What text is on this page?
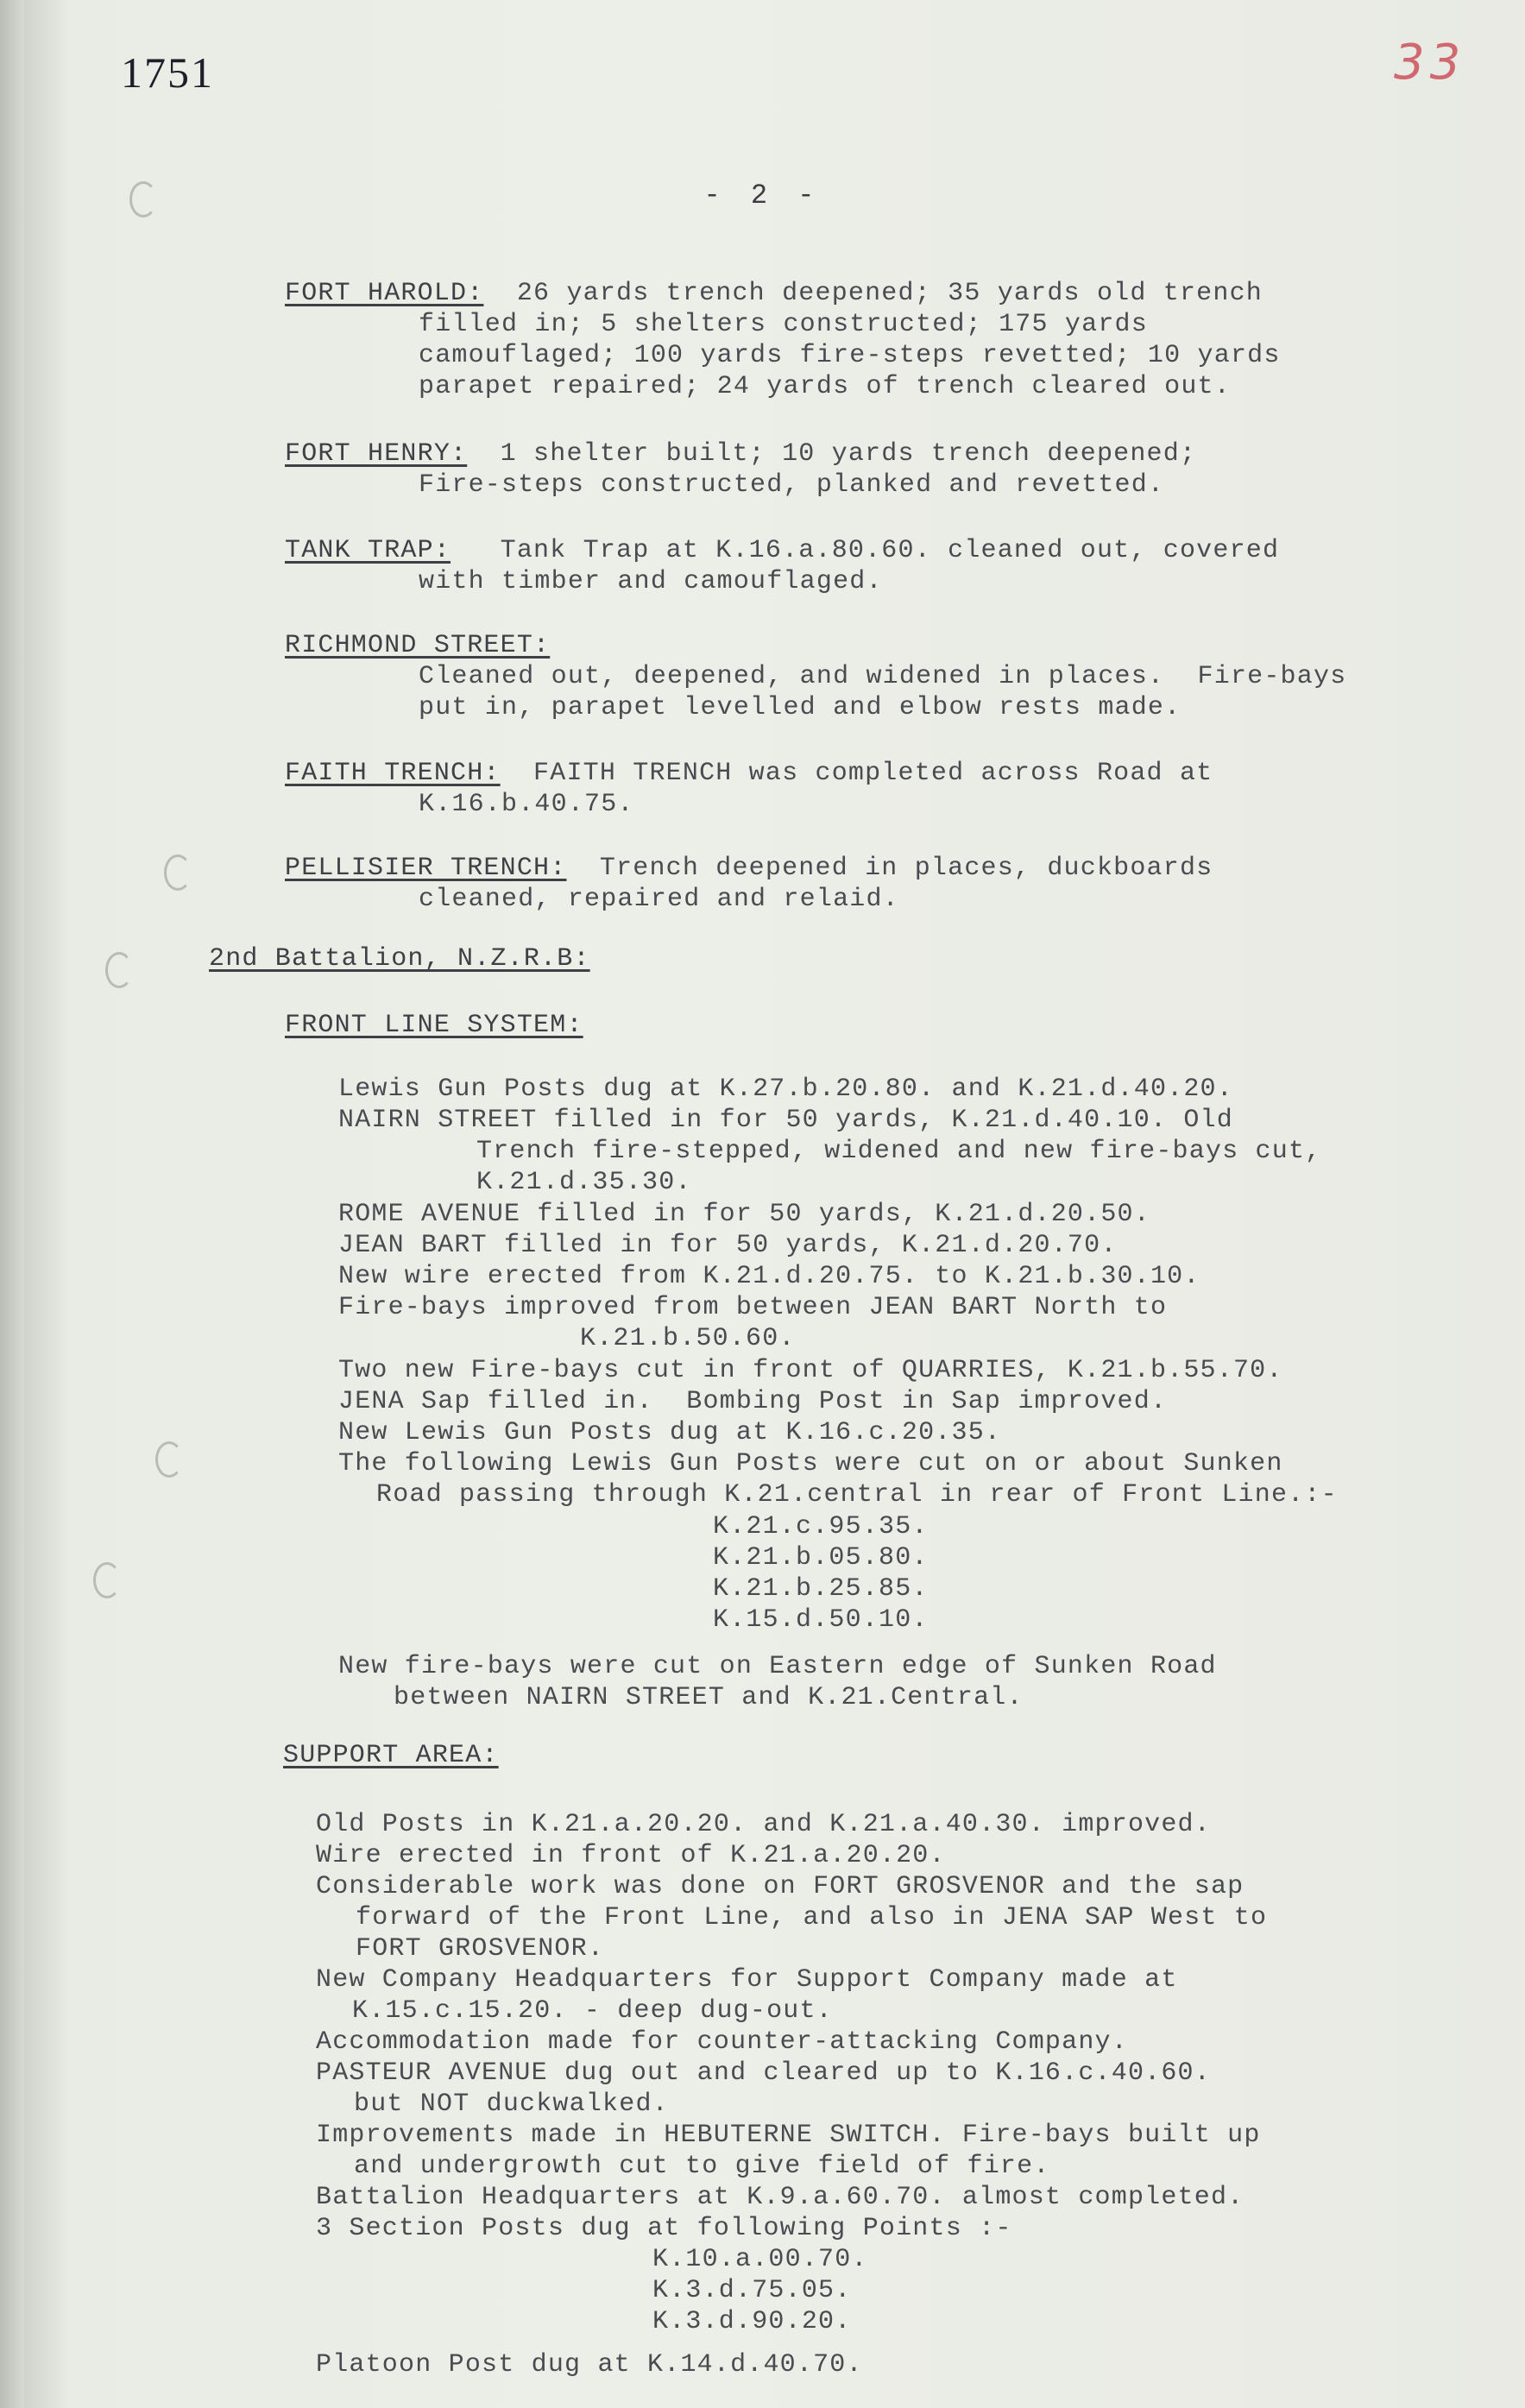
1751	33
- 2 -
FORT HAROLD: 26 yards trench deepened; 35 yards old trench
filled in; 5 shelters constructed; 175 yards
camouflaged; 100 yards fire-steps revetted; 10 yards
parapet repaired; 24 yards of trench cleared out.
FORT HENRY: 1 shelter built; 10 yards trench deepened;
Fire-steps constructed, planked and revetted.
TANK TRAP: Tank Trap at K.16.a.80.60. cleaned out, covered
with timber and camouflaged.
RICHMOND STREET:
Cleaned out, deepened, and widened in places.  Fire-bays
put in, parapet levelled and elbow rests made.
FAITH TRENCH: FAITH TRENCH was completed across Road at
K.16.b.40.75.
PELLISIER TRENCH: Trench deepened in places, duckboards
cleaned, repaired and relaid.
2nd Battalion, N.Z.R.B:
FRONT LINE SYSTEM:
Lewis Gun Posts dug at K.27.b.20.80. and K.21.d.40.20.
NAIRN STREET filled in for 50 yards, K.21.d.40.10. Old
Trench fire-stepped, widened and new fire-bays cut,
K.21.d.35.30.
ROME AVENUE filled in for 50 yards, K.21.d.20.50.
JEAN BART filled in for 50 yards, K.21.d.20.70.
New wire erected from K.21.d.20.75. to K.21.b.30.10.
Fire-bays improved from between JEAN BART North to
K.21.b.50.60.
Two new Fire-bays cut in front of QUARRIES, K.21.b.55.70.
JENA Sap filled in.  Bombing Post in Sap improved.
New Lewis Gun Posts dug at K.16.c.20.35.
The following Lewis Gun Posts were cut on or about Sunken
Road passing through K.21.central in rear of Front Line.:-
K.21.c.95.35.
K.21.b.05.80.
K.21.b.25.85.
K.15.d.50.10.
New fire-bays were cut on Eastern edge of Sunken Road
between NAIRN STREET and K.21.Central.
SUPPORT AREA:
Old Posts in K.21.a.20.20. and K.21.a.40.30. improved.
Wire erected in front of K.21.a.20.20.
Considerable work was done on FORT GROSVENOR and the sap
forward of the Front Line, and also in JENA SAP West to
FORT GROSVENOR.
New Company Headquarters for Support Company made at
K.15.c.15.20. - deep dug-out.
Accommodation made for counter-attacking Company.
PASTEUR AVENUE dug out and cleared up to K.16.c.40.60.
but NOT duckwalked.
Improvements made in HEBUTERNE SWITCH. Fire-bays built up
and undergrowth cut to give field of fire.
Battalion Headquarters at K.9.a.60.70. almost completed.
3 Section Posts dug at following Points :-
K.10.a.00.70.
K.3.d.75.05.
K.3.d.90.20.
Platoon Post dug at K.14.d.40.70.
